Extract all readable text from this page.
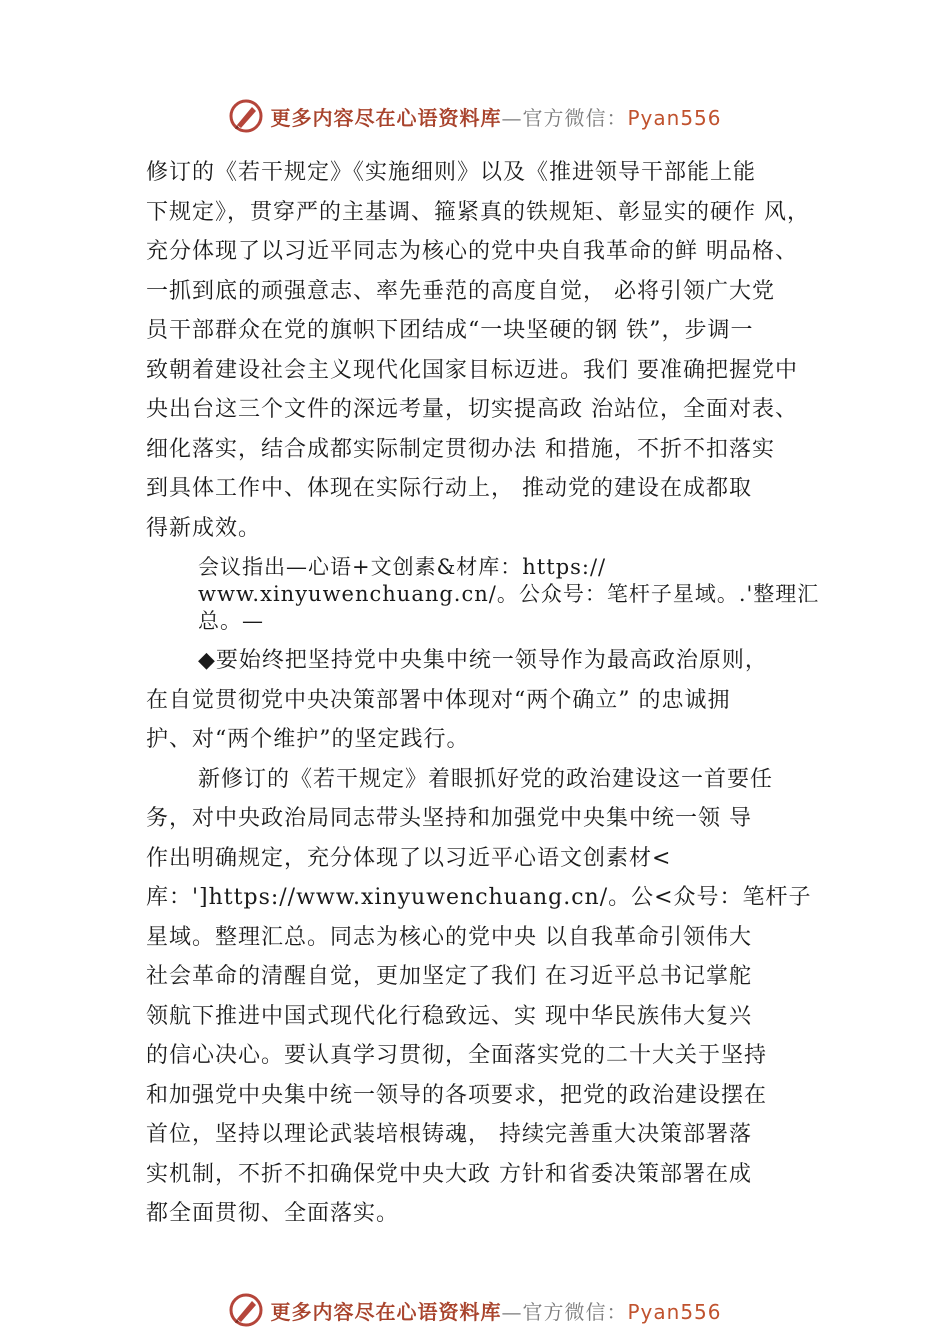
更多内容尽在心语资料库—官方微信：Pyan556
修订的《若干规定》《实施细则》以及《推进领导干部能上能
下规定》，贯穿严的主基调、箍紧真的铁规矩、彰显实的硬作 风，
充分体现了以习近平同志为核心的党中央自我革命的鲜 明品格、
一抓到底的顽强意志、率先垂范的高度自觉， 必将引领广大党
员干部群众在党的旗帜下团结成“一块坚硬的钢 铁”，步调一
致朝着建设社会主义现代化国家目标迈进。我们 要准确把握党中
央出台这三个文件的深远考量，切实提高政 治站位，全面对表、
细化落实，结合成都实际制定贯彻办法 和措施，不折不扣落实
到具体工作中、体现在实际行动上， 推动党的建设在成都取
得新成效。
会议指出—心语+文创素&材库：https://
www.xinyuwenchuang.cn/。公众号：笔杆子星域。.'整理汇
总。—
◆要始终把坚持党中央集中统一领导作为最高政治原则，
在自觉贯彻党中央决策部署中体现对“两个确立” 的忠诚拥
护、对“两个维护”的坚定践行。
新修订的《若干规定》着眼抓好党的政治建设这一首要任
务，对中央政治局同志带头坚持和加强党中央集中统一领 导
作出明确规定，充分体现了以习近平心语文创素材<
库：']https://www.xinyuwenchuang.cn/。公<众号：笔杆子
星域。整理汇总。同志为核心的党中央 以自我革命引领伟大
社会革命的清醒自觉，更加坚定了我们 在习近平总书记掌舵
领航下推进中国式现代化行稳致远、实 现中华民族伟大复兴
的信心决心。要认真学习贯彻，全面落实党的二十大关于坚持
和加强党中央集中统一领导的各项要求，把党的政治建设摆在
首位，坚持以理论武装培根铸魂， 持续完善重大决策部署落
实机制，不折不扣确保党中央大政 方针和省委决策部署在成
都全面贯彻、全面落实。
更多内容尽在心语资料库—官方微信：Pyan556
